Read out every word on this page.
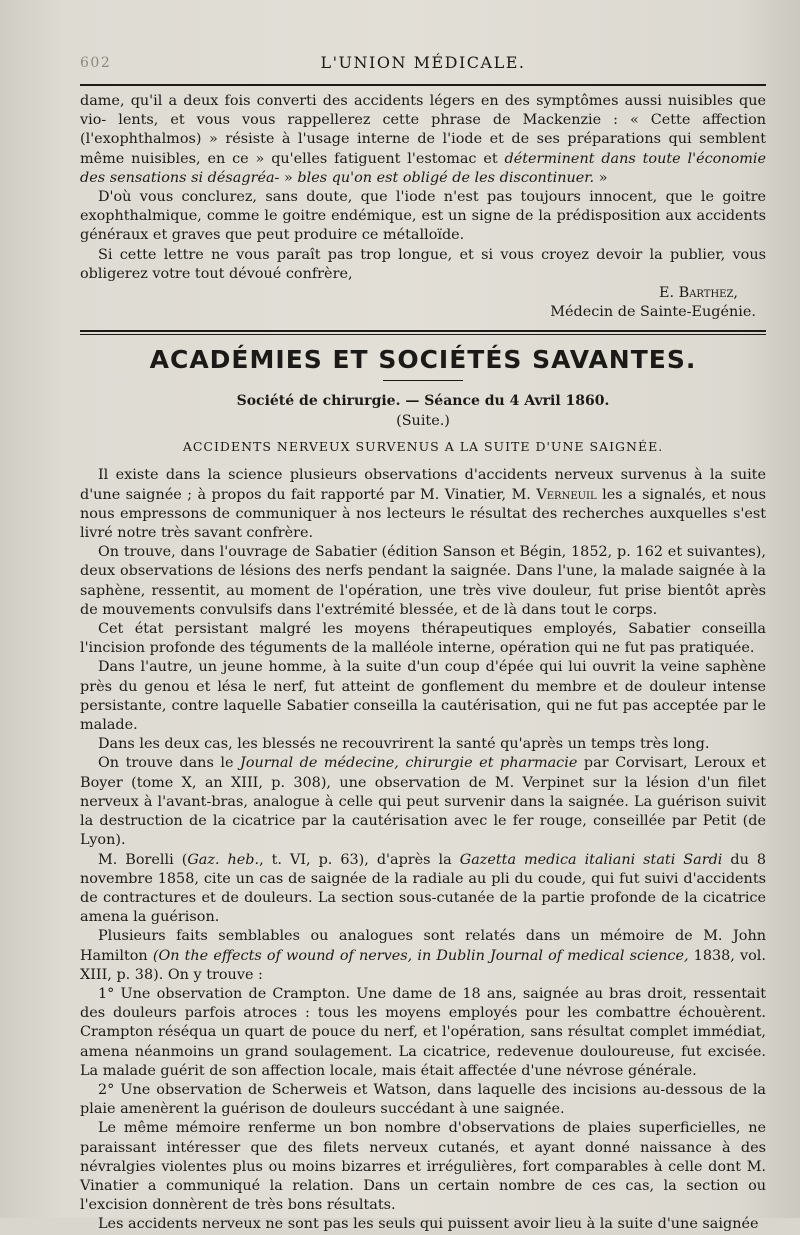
602	L'UNION MÉDICALE.

dame, qu'il a deux fois converti des accidents légers en des symptômes aussi nuisibles que vio- lents, et vous vous rappellerez cette phrase de Mackenzie : « Cette affection (l'exophthalmos) » résiste à l'usage interne de l'iode et de ses préparations qui semblent même nuisibles, en ce » qu'elles fatiguent l'estomac et déterminent dans toute l'économie des sensations si désagréa- » bles qu'on est obligé de les discontinuer. »

D'où vous conclurez, sans doute, que l'iode n'est pas toujours innocent, que le goitre exophthalmique, comme le goitre endémique, est un signe de la prédisposition aux accidents généraux et graves que peut produire ce métalloïde.

Si cette lettre ne vous paraît pas trop longue, et si vous croyez devoir la publier, vous obligerez votre tout dévoué confrère,

E. Barthez,
Médecin de Sainte-Eugénie.
ACADÉMIES ET SOCIÉTÉS SAVANTES.
Société de chirurgie. — Séance du 4 Avril 1860.
(Suite.)
ACCIDENTS NERVEUX SURVENUS A LA SUITE D'UNE SAIGNÉE.

Il existe dans la science plusieurs observations d'accidents nerveux survenus à la suite d'une saignée ; à propos du fait rapporté par M. Vinatier, M. Verneuil les a signalés, et nous nous empressons de communiquer à nos lecteurs le résultat des recherches auxquelles s'est livré notre très savant confrère.

On trouve, dans l'ouvrage de Sabatier (édition Sanson et Bégin, 1852, p. 162 et suivantes), deux observations de lésions des nerfs pendant la saignée. Dans l'une, la malade saignée à la saphène, ressentit, au moment de l'opération, une très vive douleur, fut prise bientôt après de mouvements convulsifs dans l'extrémité blessée, et de là dans tout le corps.

Cet état persistant malgré les moyens thérapeutiques employés, Sabatier conseilla l'incision profonde des téguments de la malléole interne, opération qui ne fut pas pratiquée.

Dans l'autre, un jeune homme, à la suite d'un coup d'épée qui lui ouvrit la veine saphène près du genou et lésa le nerf, fut atteint de gonflement du membre et de douleur intense persistante, contre laquelle Sabatier conseilla la cautérisation, qui ne fut pas acceptée par le malade.

Dans les deux cas, les blessés ne recouvrirent la santé qu'après un temps très long.

On trouve dans le Journal de médecine, chirurgie et pharmacie par Corvisart, Leroux et Boyer (tome X, an XIII, p. 308), une observation de M. Verpinet sur la lésion d'un filet nerveux à l'avant-bras, analogue à celle qui peut survenir dans la saignée. La guérison suivit la destruction de la cicatrice par la cautérisation avec le fer rouge, conseillée par Petit (de Lyon).

M. Borelli (Gaz. heb., t. VI, p. 63), d'après la Gazetta medica italiani stati Sardi du 8 novembre 1858, cite un cas de saignée de la radiale au pli du coude, qui fut suivi d'accidents de contractures et de douleurs. La section sous-cutanée de la partie profonde de la cicatrice amena la guérison.

Plusieurs faits semblables ou analogues sont relatés dans un mémoire de M. John Hamilton (On the effects of wound of nerves, in Dublin Journal of medical science, 1838, vol. XIII, p. 38). On y trouve :

1° Une observation de Crampton. Une dame de 18 ans, saignée au bras droit, ressentait des douleurs parfois atroces : tous les moyens employés pour les combattre échouèrent. Crampton réséqua un quart de pouce du nerf, et l'opération, sans résultat complet immédiat, amena néanmoins un grand soulagement. La cicatrice, redevenue douloureuse, fut excisée. La malade guérit de son affection locale, mais était affectée d'une névrose générale.

2° Une observation de Scherweis et Watson, dans laquelle des incisions au-dessous de la plaie amenèrent la guérison de douleurs succédant à une saignée.

Le même mémoire renferme un bon nombre d'observations de plaies superficielles, ne paraissant intéresser que des filets nerveux cutanés, et ayant donné naissance à des névralgies violentes plus ou moins bizarres et irrégulières, fort comparables à celle dont M. Vinatier a communiqué la relation. Dans un certain nombre de ces cas, la section ou l'excision donnèrent de très bons résultats.

Les accidents nerveux ne sont pas les seuls qui puissent avoir lieu à la suite d'une saignée
